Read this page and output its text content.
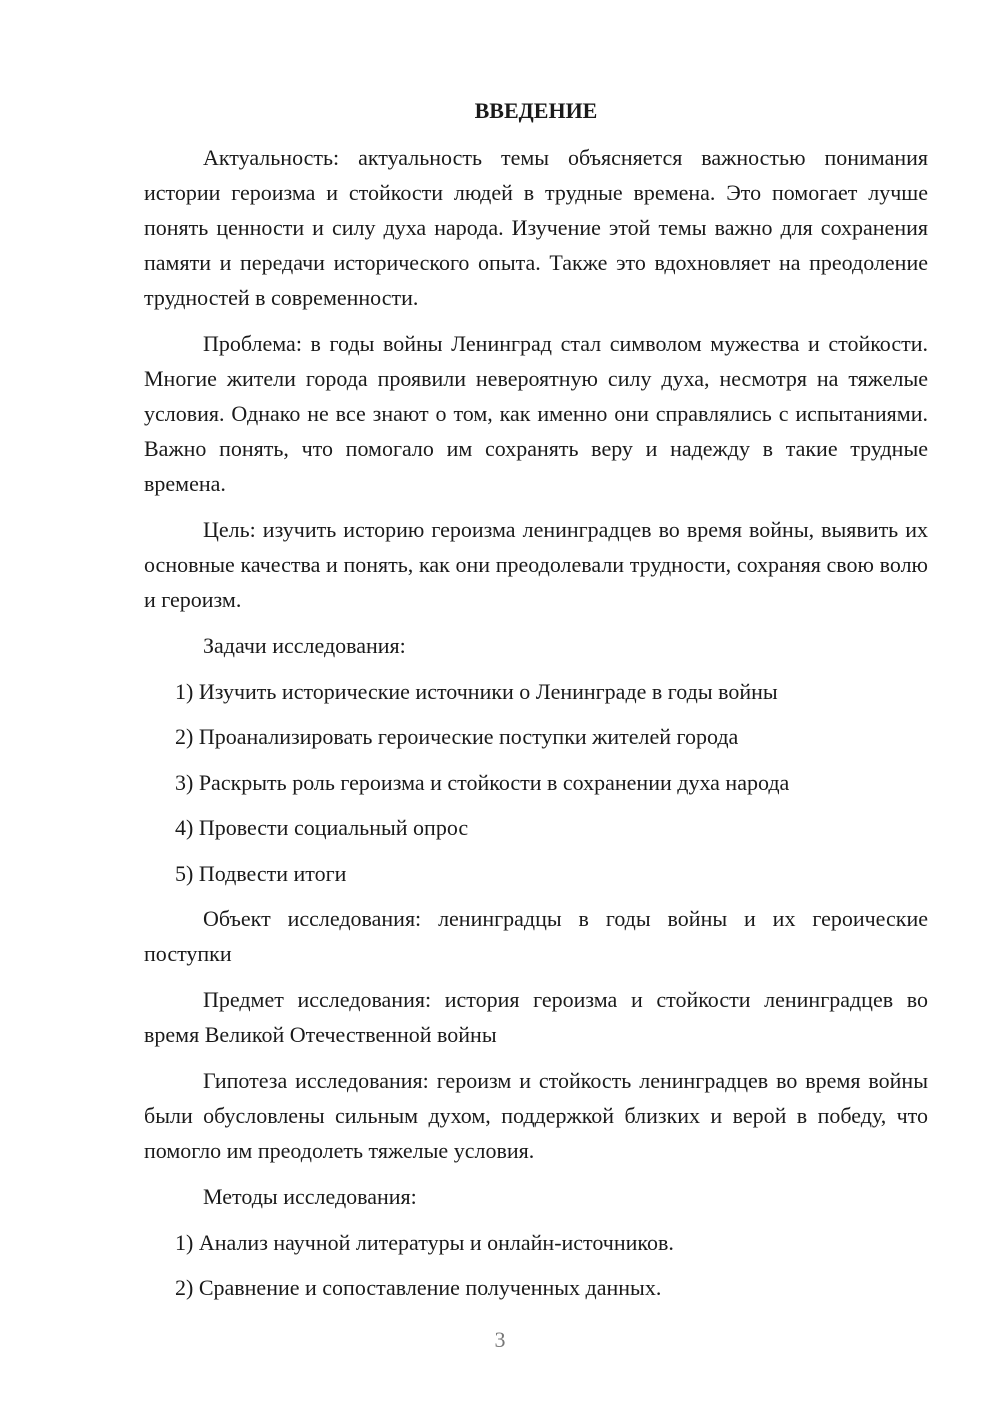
ВВЕДЕНИЕ

Актуальность: актуальность темы объясняется важностью понимания истории героизма и стойкости людей в трудные времена. Это помогает лучше понять ценности и силу духа народа. Изучение этой темы важно для сохранения памяти и передачи исторического опыта. Также это вдохновляет на преодоление трудностей в современности.

Проблема: в годы войны Ленинград стал символом мужества и стойкости. Многие жители города проявили невероятную силу духа, несмотря на тяжелые условия. Однако не все знают о том, как именно они справлялись с испытаниями. Важно понять, что помогало им сохранять веру и надежду в такие трудные времена.

Цель: изучить историю героизма ленинградцев во время войны, выявить их основные качества и понять, как они преодолевали трудности, сохраняя свою волю и героизм.

Задачи исследования:
1) Изучить исторические источники о Ленинграде в годы войны
2) Проанализировать героические поступки жителей города
3) Раскрыть роль героизма и стойкости в сохранении духа народа
4) Провести социальный опрос
5) Подвести итоги

Объект исследования: ленинградцы в годы войны и их героические поступки

Предмет исследования: история героизма и стойкости ленинградцев во время Великой Отечественной войны

Гипотеза исследования: героизм и стойкость ленинградцев во время войны были обусловлены сильным духом, поддержкой близких и верой в победу, что помогло им преодолеть тяжелые условия.

Методы исследования:
1) Анализ научной литературы и онлайн-источников.
2) Сравнение и сопоставление полученных данных.
3
